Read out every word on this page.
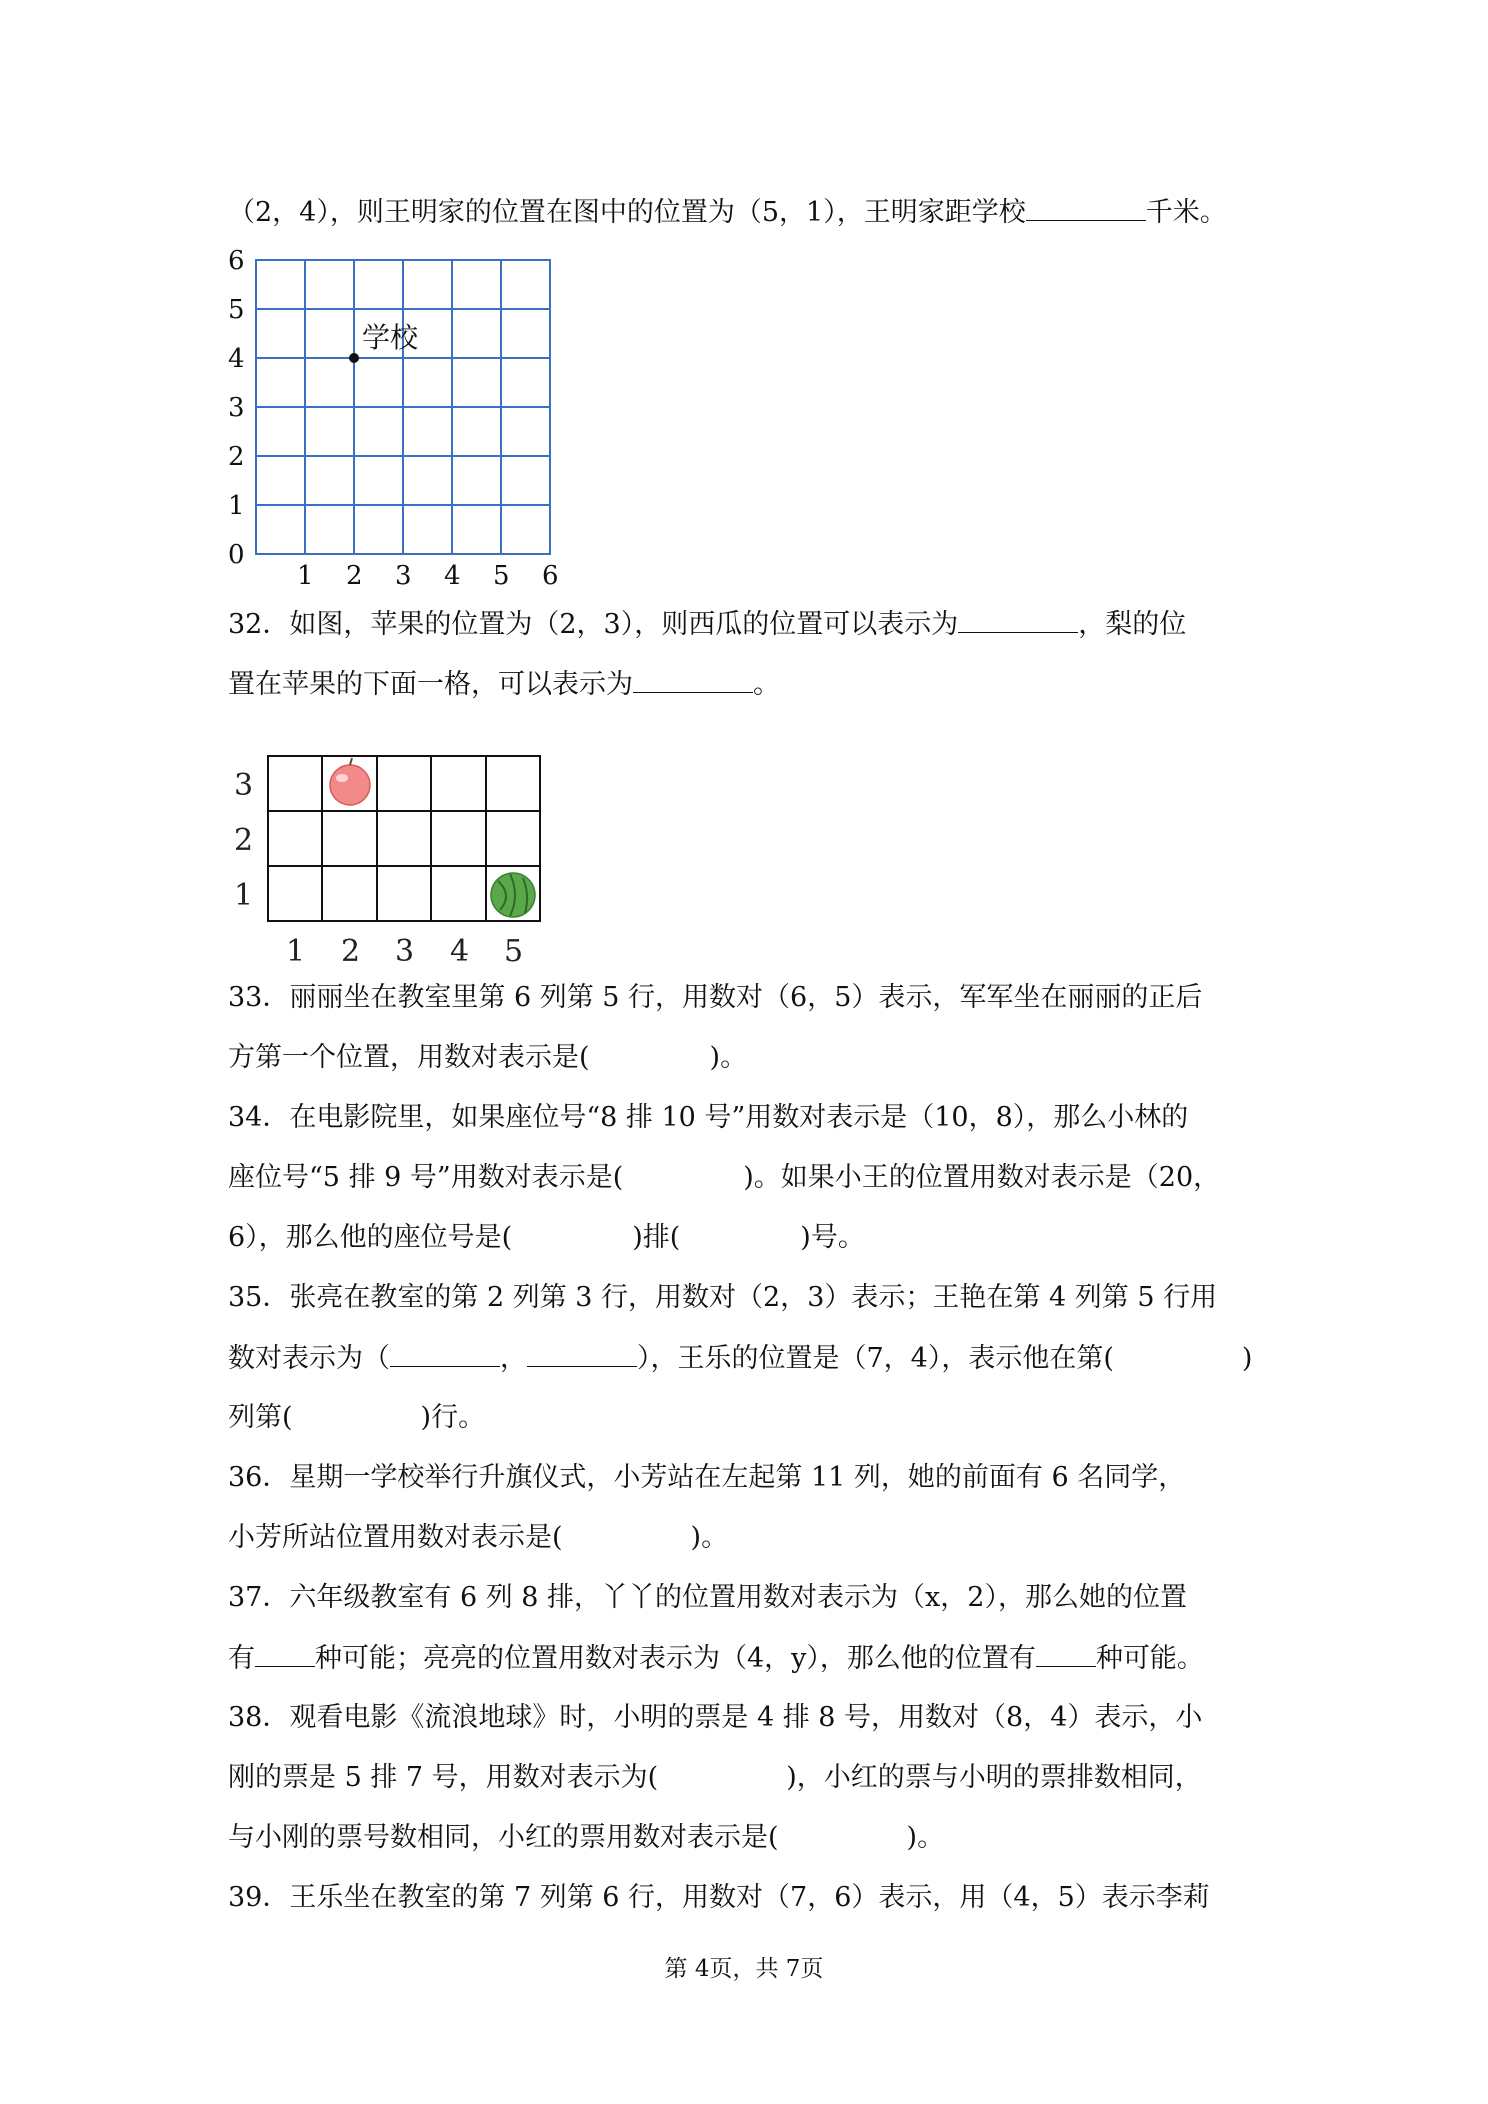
（2，4），则王明家的位置在图中的位置为（5，1），王明家距学校	千米。
6
5
4
3
2
1
0
1 2 3 4 5 6
学校
32．如图，苹果的位置为（2，3），则西瓜的位置可以表示为	，梨的位
置在苹果的下面一格，可以表示为	。
3
2
1
1 2 3 4 5
33．丽丽坐在教室里第 6 列第 5 行，用数对（6，5）表示，军军坐在丽丽的正后
方第一个位置，用数对表示是(	)。
34．在电影院里，如果座位号“8 排 10 号”用数对表示是（10，8），那么小林的
座位号“5 排 9 号”用数对表示是(	)。如果小王的位置用数对表示是（20，
6），那么他的座位号是(	)排(	)号。
35．张亮在教室的第 2 列第 3 行，用数对（2，3）表示；王艳在第 4 列第 5 行用
数对表示为（	，	），王乐的位置是（7，4），表示他在第(	)
列第(	)行。
36．星期一学校举行升旗仪式，小芳站在左起第 11 列，她的前面有 6 名同学，
小芳所站位置用数对表示是(	)。
37．六年级教室有 6 列 8 排，丫丫的位置用数对表示为（x，2），那么她的位置
有 种可能；亮亮的位置用数对表示为（4，y），那么他的位置有 种可能。
38．观看电影《流浪地球》时，小明的票是 4 排 8 号，用数对（8，4）表示，小
刚的票是 5 排 7 号，用数对表示为(	)，小红的票与小明的票排数相同，
与小刚的票号数相同，小红的票用数对表示是(	)。
39．王乐坐在教室的第 7 列第 6 行，用数对（7，6）表示，用（4，5）表示李莉
第 4页，共 7页
